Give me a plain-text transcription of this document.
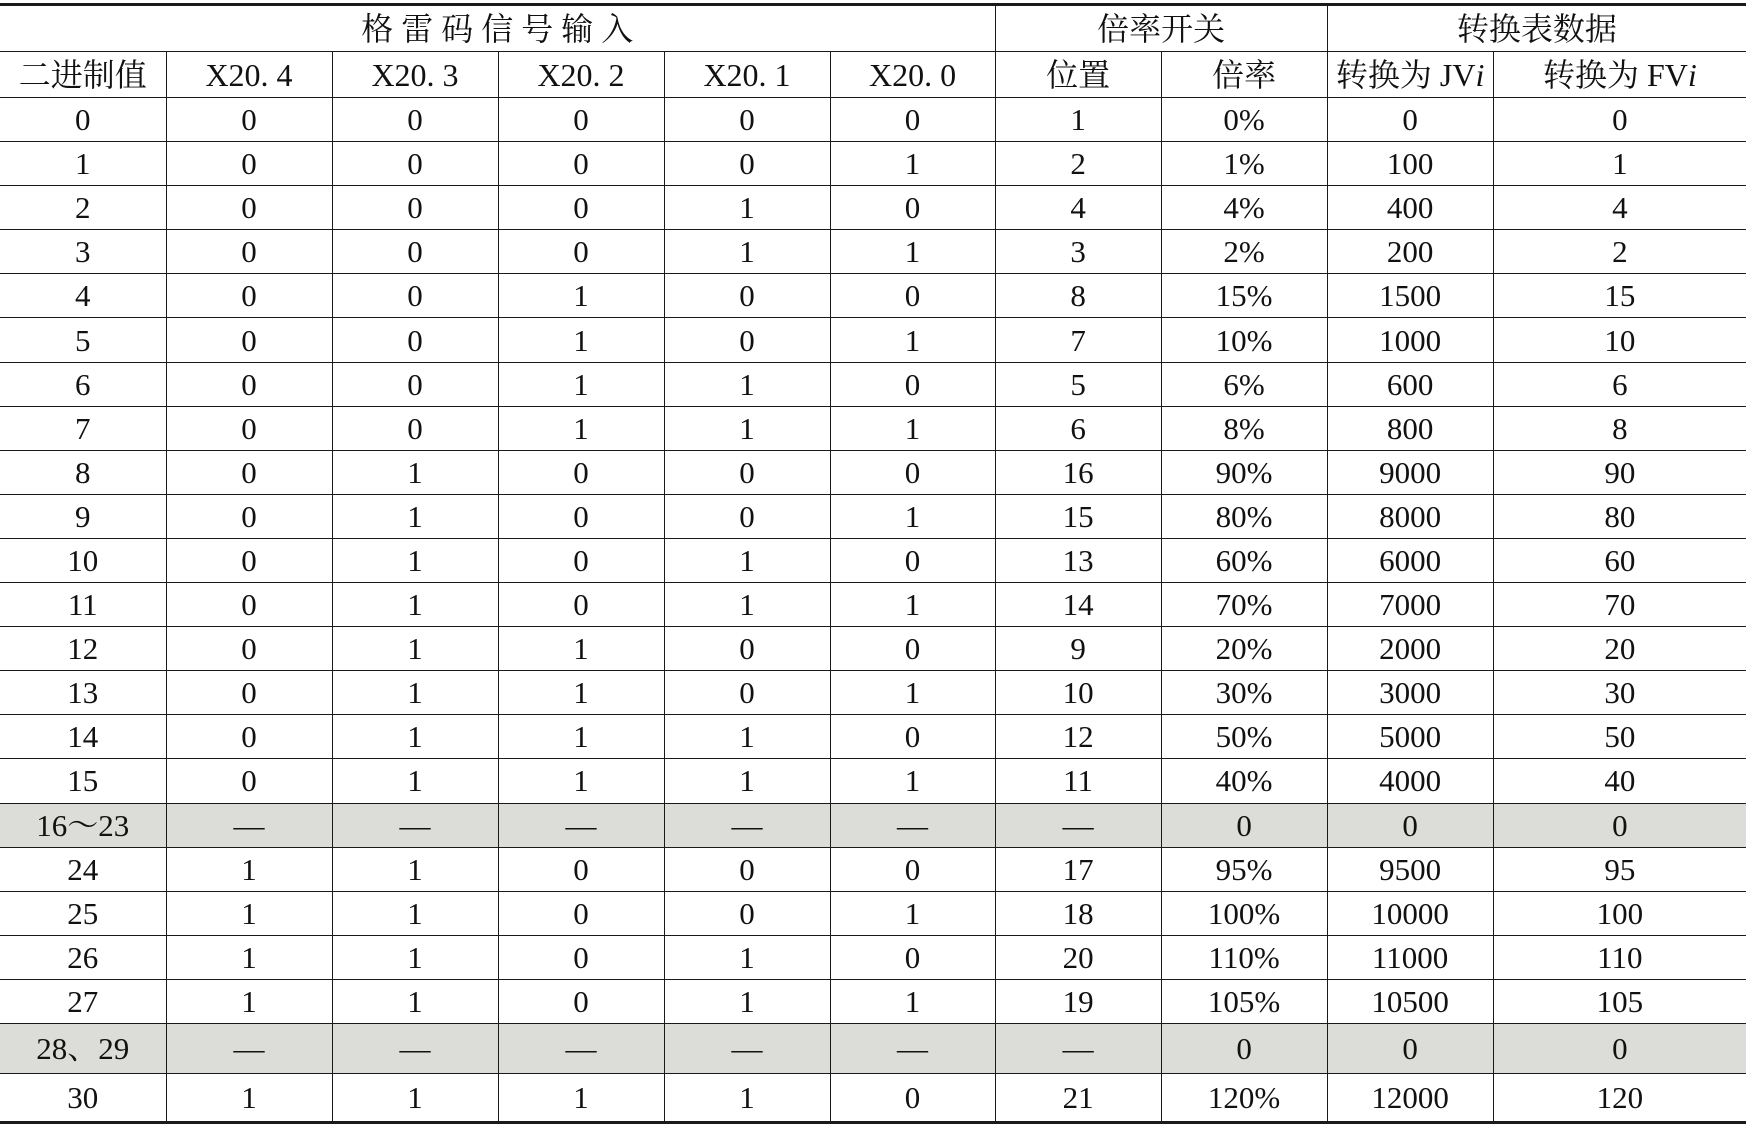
格 雷 码 信 号 输 入						倍率开关		转换表数据	
二进制值	X20. 4	X20. 3	X20. 2	X20. 1	X20. 0	位置	倍率	转换为 JVi	转换为 FVi
0	0	0	0	0	0	1	0%	0	0
1	0	0	0	0	1	2	1%	100	1
2	0	0	0	1	0	4	4%	400	4
3	0	0	0	1	1	3	2%	200	2
4	0	0	1	0	0	8	15%	1500	15
5	0	0	1	0	1	7	10%	1000	10
6	0	0	1	1	0	5	6%	600	6
7	0	0	1	1	1	6	8%	800	8
8	0	1	0	0	0	16	90%	9000	90
9	0	1	0	0	1	15	80%	8000	80
10	0	1	0	1	0	13	60%	6000	60
11	0	1	0	1	1	14	70%	7000	70
12	0	1	1	0	0	9	20%	2000	20
13	0	1	1	0	1	10	30%	3000	30
14	0	1	1	1	0	12	50%	5000	50
15	0	1	1	1	1	11	40%	4000	40
16～23	—	—	—	—	—	—	0	0	0
24	1	1	0	0	0	17	95%	9500	95
25	1	1	0	0	1	18	100%	10000	100
26	1	1	0	1	0	20	110%	11000	110
27	1	1	0	1	1	19	105%	10500	105
28、29	—	—	—	—	—	—	0	0	0
30	1	1	1	1	0	21	120%	12000	120
